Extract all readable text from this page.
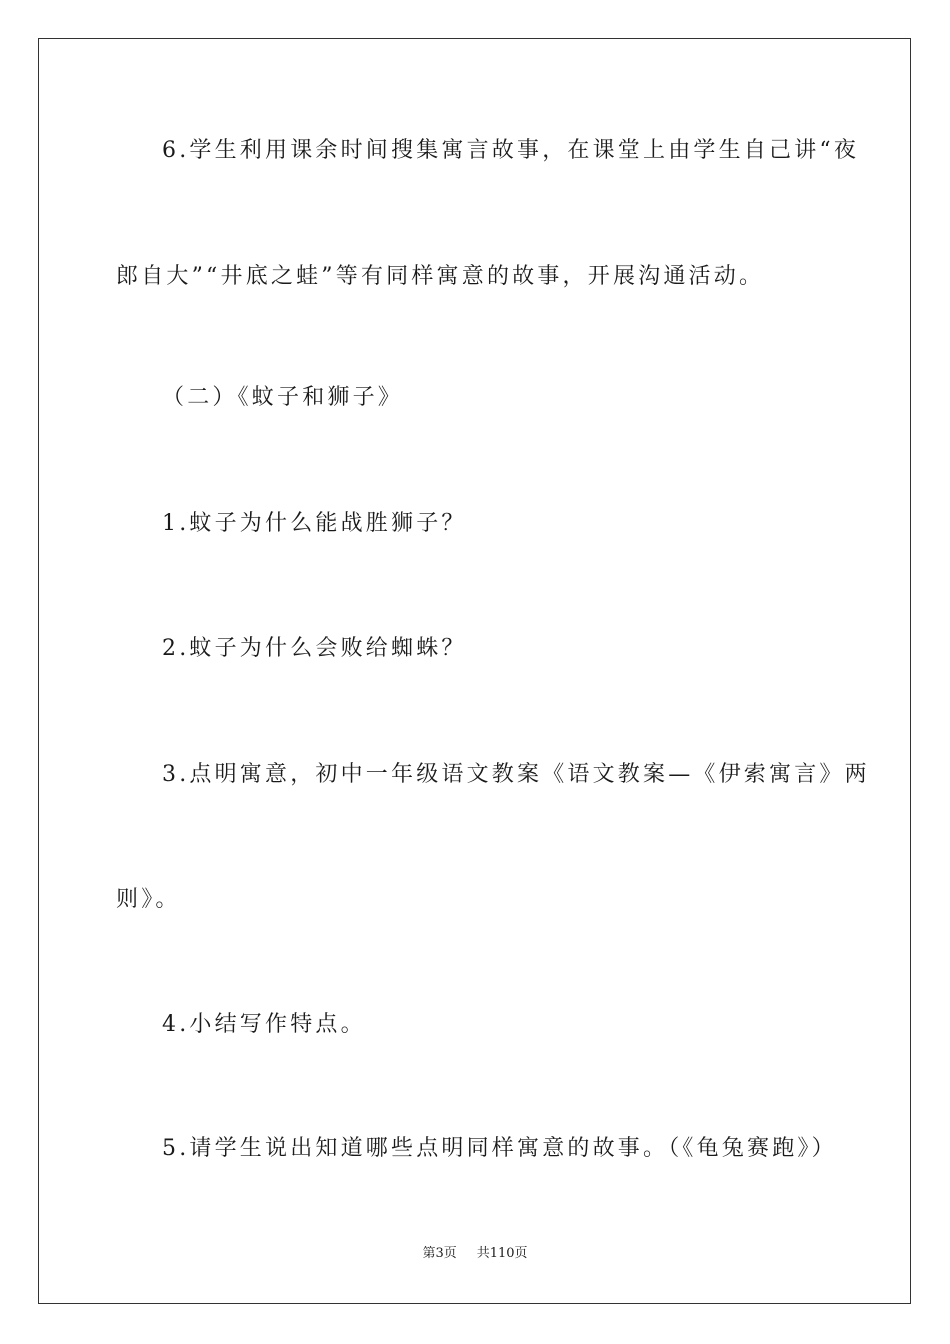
6.学生利用课余时间搜集寓言故事，在课堂上由学生自己讲“夜
郎自大”“井底之蛙”等有同样寓意的故事，开展沟通活动。
（二）《蚊子和狮子》
1.蚊子为什么能战胜狮子？
2.蚊子为什么会败给蜘蛛？
3.点明寓意，初中一年级语文教案《语文教案—《伊索寓言》两
则》。
4.小结写作特点。
5.请学生说出知道哪些点明同样寓意的故事。（《龟兔赛跑》）
第3页 共110页
